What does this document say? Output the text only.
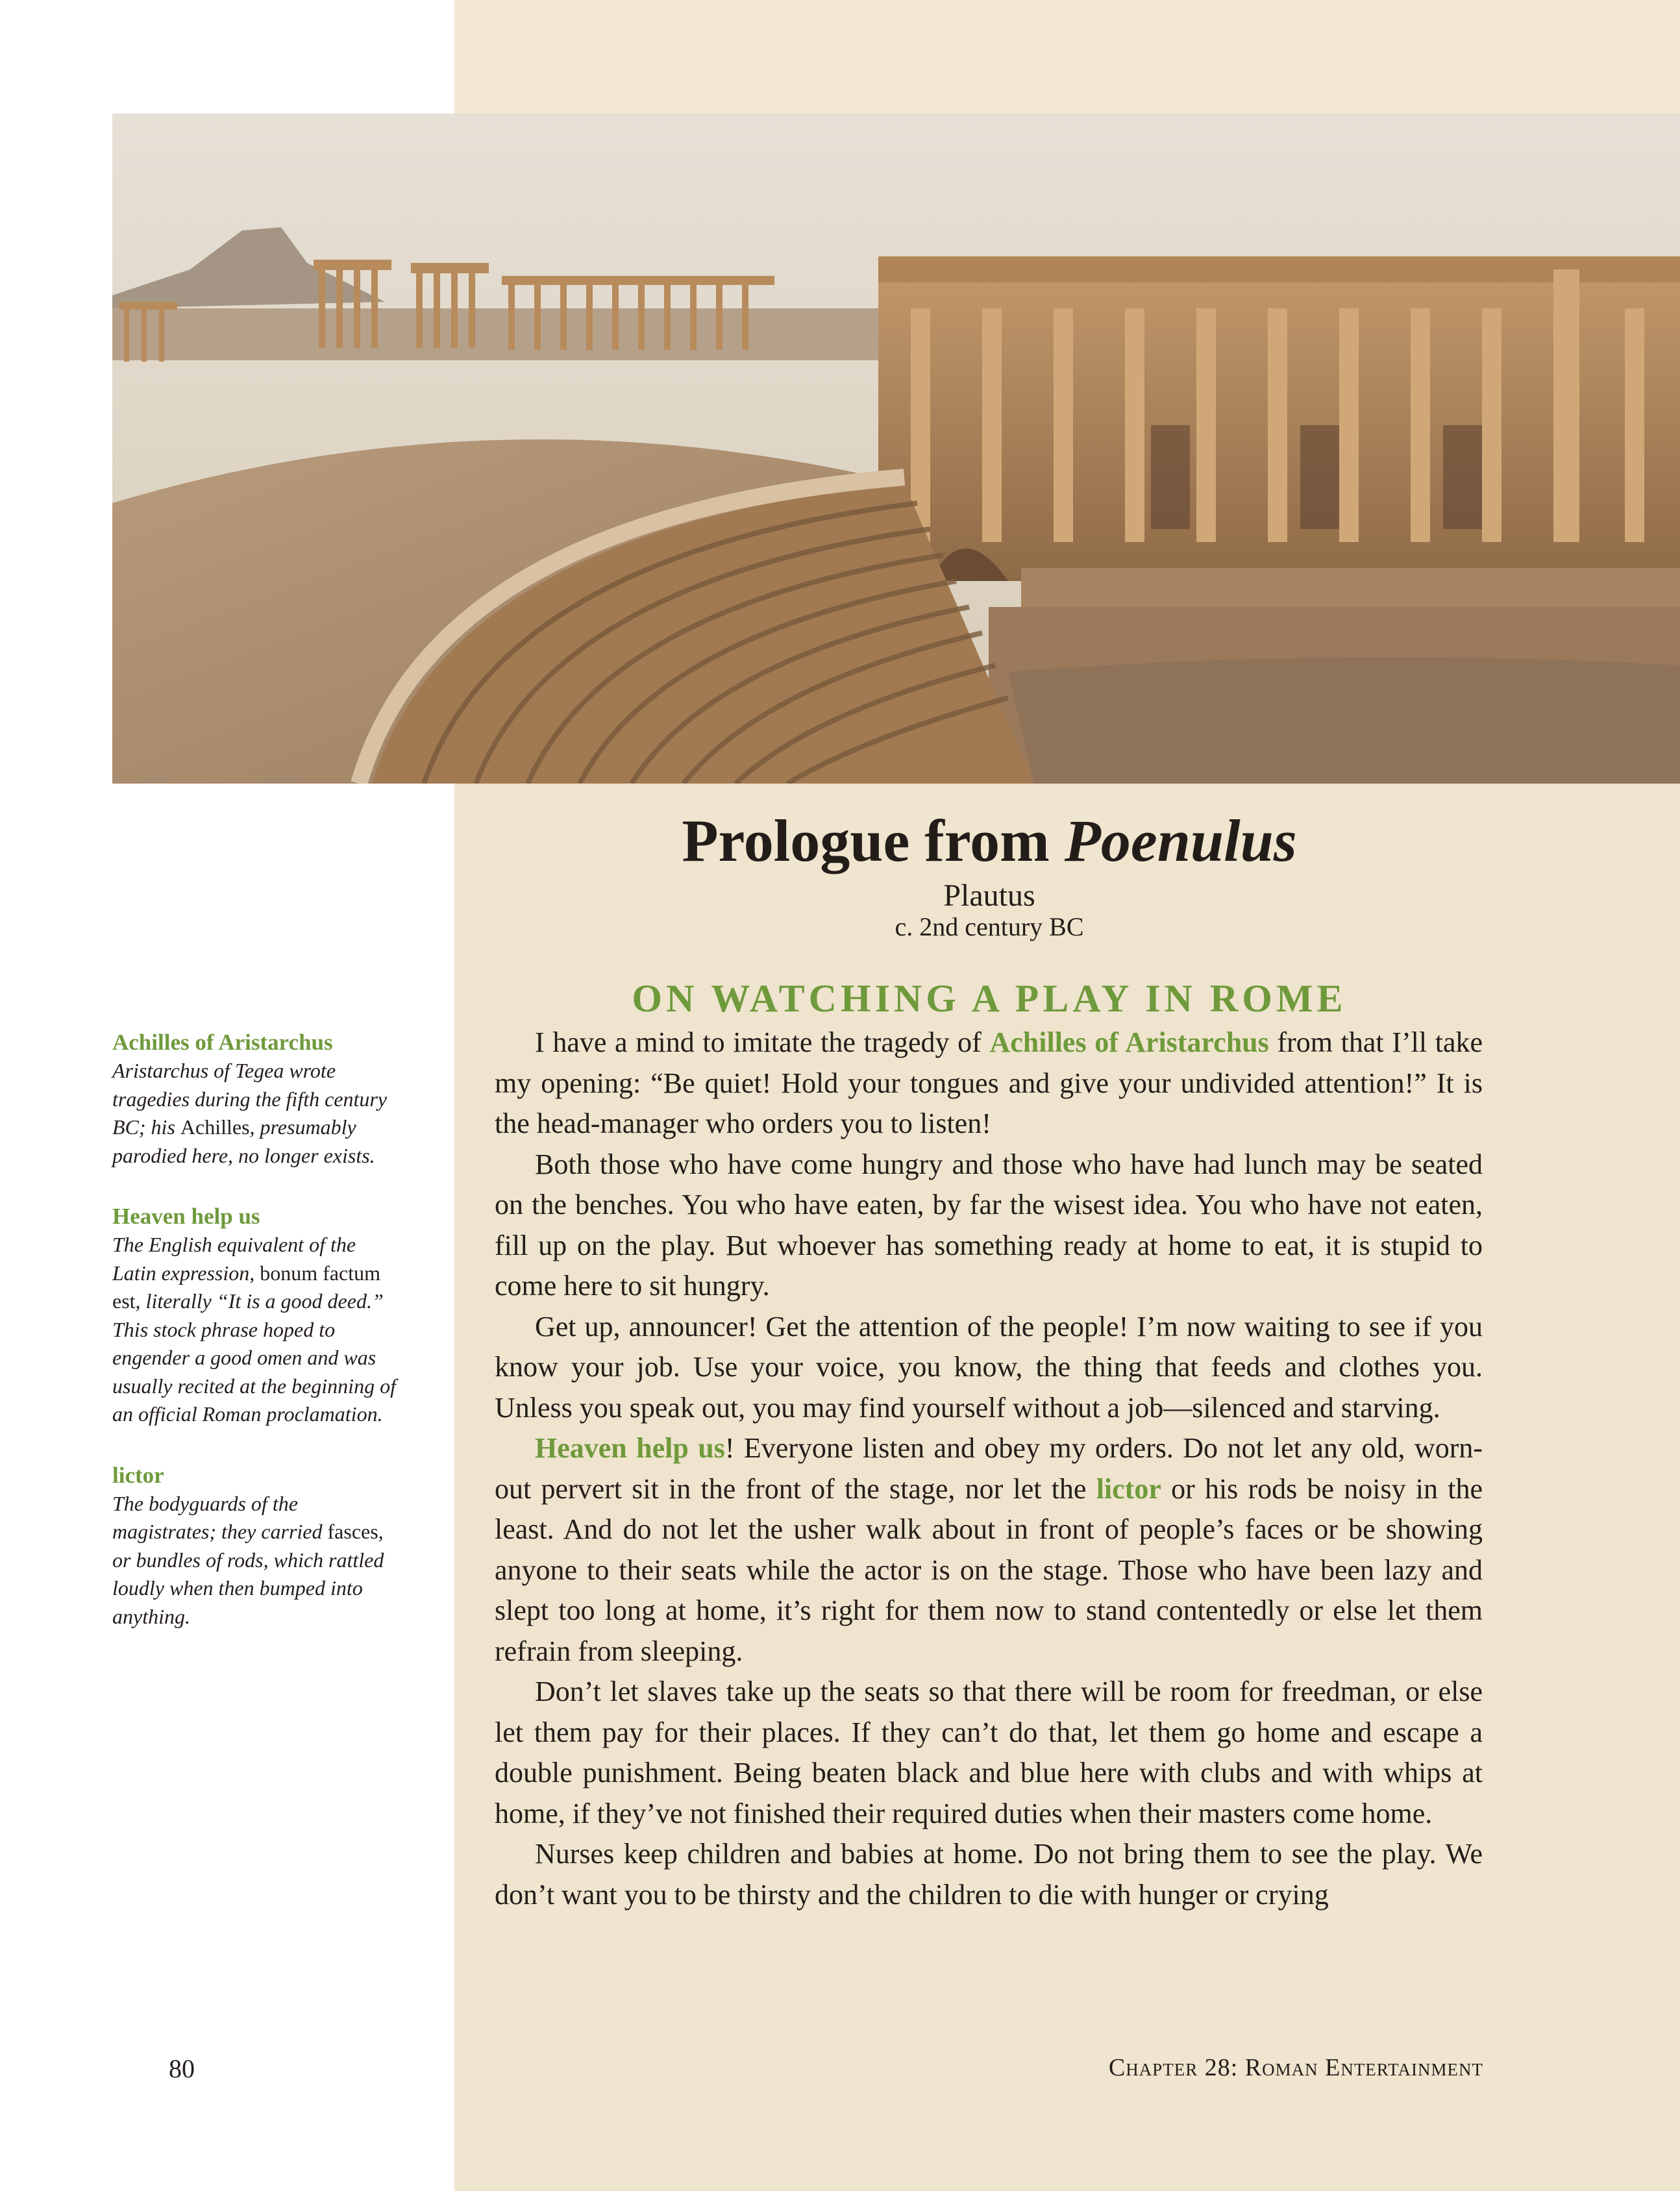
Prologue from Poenulus
Plautus
c. 2nd century BC
ON WATCHING A PLAY IN ROME

I have a mind to imitate the tragedy of Achilles of Aristarchus from that I’ll take my opening: “Be quiet! Hold your tongues and give your undivided attention!” It is the head-manager who orders you to listen!

Both those who have come hungry and those who have had lunch may be seated on the benches. You who have eaten, by far the wisest idea. You who have not eaten, fill up on the play. But whoever has something ready at home to eat, it is stupid to come here to sit hungry.

Get up, announcer! Get the attention of the people! I’m now waiting to see if you know your job. Use your voice, you know, the thing that feeds and clothes you. Unless you speak out, you may find yourself without a job—silenced and starving.

Heaven help us! Everyone listen and obey my orders. Do not let any old, worn-out pervert sit in the front of the stage, nor let the lictor or his rods be noisy in the least. And do not let the usher walk about in front of people’s faces or be showing anyone to their seats while the actor is on the stage. Those who have been lazy and slept too long at home, it’s right for them now to stand contentedly or else let them refrain from sleeping.

Don’t let slaves take up the seats so that there will be room for freedman, or else let them pay for their places. If they can’t do that, let them go home and escape a double punishment. Being beaten black and blue here with clubs and with whips at home, if they’ve not finished their required duties when their masters come home.

Nurses keep children and babies at home. Do not bring them to see the play. We don’t want you to be thirsty and the children to die with hunger or crying

Achilles of Aristarchus
Aristarchus of Tegea wrote tragedies during the fifth century BC; his Achilles, presumably parodied here, no longer exists.
Heaven help us
The English equivalent of the Latin expression, bonum factum est, literally “It is a good deed.” This stock phrase hoped to engender a good omen and was usually recited at the beginning of an official Roman proclamation.
lictor
The bodyguards of the magistrates; they carried fasces, or bundles of rods, which rattled loudly when then bumped into anything.
80	Chapter 28: Roman Entertainment
